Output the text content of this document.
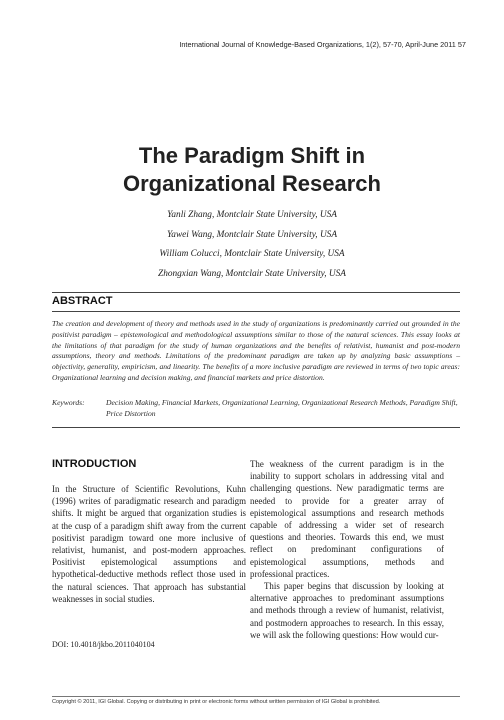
International Journal of Knowledge-Based Organizations, 1(2), 57-70, April-June 2011 57
The Paradigm Shift in
Organizational Research
Yanli Zhang, Montclair State University, USA
Yawei Wang, Montclair State University, USA
William Colucci, Montclair State University, USA
Zhongxian Wang, Montclair State University, USA
ABSTRACT
The creation and development of theory and methods used in the study of organizations is predominantly carried out grounded in the positivist paradigm – epistemological and methodological assumptions similar to those of the natural sciences. This essay looks at the limitations of that paradigm for the study of human organizations and the benefits of relativist, humanist and post-modern assumptions, theory and methods. Limitations of the predominant paradigm are taken up by analyzing basic assumptions – objectivity, generality, empiricism, and linearity. The benefits of a more inclusive paradigm are reviewed in terms of two topic areas: Organizational learning and decision making, and financial markets and price distortion.
Keywords:	Decision Making, Financial Markets, Organizational Learning, Organizational Research Methods, Paradigm Shift, Price Distortion
INTRODUCTION

In the Structure of Scientific Revolutions, Kuhn (1996) writes of paradigmatic research and paradigm shifts. It might be argued that organization studies is at the cusp of a paradigm shift away from the current positivist paradigm toward one more inclusive of relativist, humanist, and post-modern approaches. Positivist epistemological assumptions and hypothetical-deductive methods reflect those used in the natural sciences. That approach has substantial weaknesses in social studies.

The weakness of the current paradigm is in the inability to support scholars in addressing vital and challenging questions. New paradigmatic terms are needed to provide for a greater array of epistemological assumptions and research methods capable of addressing a wider set of research questions and theories. Towards this end, we must reflect on predominant configurations of epistemological assumptions, methods and professional practices.

This paper begins that discussion by looking at alternative approaches to predominant assumptions and methods through a review of humanist, relativist, and postmodern approaches to research. In this essay, we will ask the following questions: How would cur-

DOI: 10.4018/jkbo.2011040104
Copyright © 2011, IGI Global. Copying or distributing in print or electronic forms without written permission of IGI Global is prohibited.
